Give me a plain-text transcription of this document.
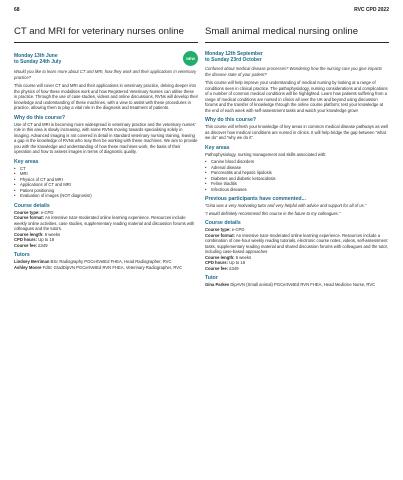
68	RVC CPD 2022
CT and MRI for veterinary nurses online
Monday 13th June
to Sunday 24th July	NEW

Would you like to learn more about CT and MRI, how they work and their applications in veterinary practice?

This course will cover CT and MRI and their applications in veterinary practice, delving deeper into the physics of how these modalities work and how Registered Veterinary Nurses can utilise these in practice. Through the use of case studies, videos and online discussions, RVNs will develop their knowledge and understanding of these machines, with a view to assist with these procedures in practice, allowing them to play a vital role in the diagnosis and treatment of patients.

Why do this course?

Use of CT and MRI is becoming more widespread in veterinary practice and the veterinary nurses’ role in this area is slowly increasing, with some RVNs moving towards specialising solely in imaging. Advanced imaging is not covered in detail in standard veterinary nursing training, leaving a gap in the knowledge of RVNs who may then be working with these machines. We aim to provide you with the knowledge and understanding of how these machines work, the basis of their operation and how to assess images in terms of diagnostic quality.

Key areas
• CT
• MRI
• Physics of CT and MRI
• Applications of CT and MRI
• Patient positioning
• Evaluation of images (NOT diagnosis!)
Course details
Course type: e-CPD
Course format: An intensive tutor-moderated online learning experience. Resources include weekly online activities, case studies, supplementary reading material and discussion forums with colleagues and the tutors.
Course length: 6 weeks
CPD hours: Up to 18
Course fee: £349
Tutors
Lindsey Berriman BSc Radiography PGCertVetEd FHEA, Head Radiographer, RVC
Ashley Moore FdSc GradDipVN PGCertVetEd RVN FHEA, Veterinary Radiographer, RVC
Small animal medical nursing online
Monday 12th September
to Sunday 23rd October

Confused about medical disease processes? Wondering how the nursing care you give impacts the disease state of your patient?

This course will help improve your understanding of medical nursing by looking at a range of conditions seen in clinical practice. The pathophysiology, nursing considerations and complications of a number of common medical conditions will be highlighted. Learn how patients suffering from a range of medical conditions are nursed in clinics all over the UK and beyond using discussion forums and the transfer of knowledge through the online course platform; test your knowledge at the end of each week with self-assessment tasks and watch your knowledge grow!

Why do this course?

This course will refresh your knowledge of key areas in common medical disease pathways as well as discover how medical conditions are nursed in clinics. It will help bridge the gap between “what we do” and “why we do it”.

Key areas

Pathophysiology, nursing management and skills associated with:

• Canine blood disorders
• Adrenal disease
• Pancreatitis and hepatic lipidosis
• Diabetes and diabetic ketoacidosis
• Feline triaditis
• Infectious diseases
Previous participants have commented...

“Gina was a very motivating tutor and very helpful with advice and support for all of us.”

“I would definitely recommend this course in the future to my colleagues.”

Course details
Course type: e-CPD
Course format: An intensive tutor-moderated online learning experience. Resources include a combination of one-hour weekly reading tutorials, electronic course notes, videos, self-assessment tasks, supplementary reading material and shared discussion forums with colleagues and the tutor, including case-based approaches
Course length: 6 weeks
CPD hours: Up to 18
Course fee: £349
Tutor
Gina Parkes DipAVN (Small animal) PGCertVetEd RVN FHEA, Head Medicine Nurse, RVC
